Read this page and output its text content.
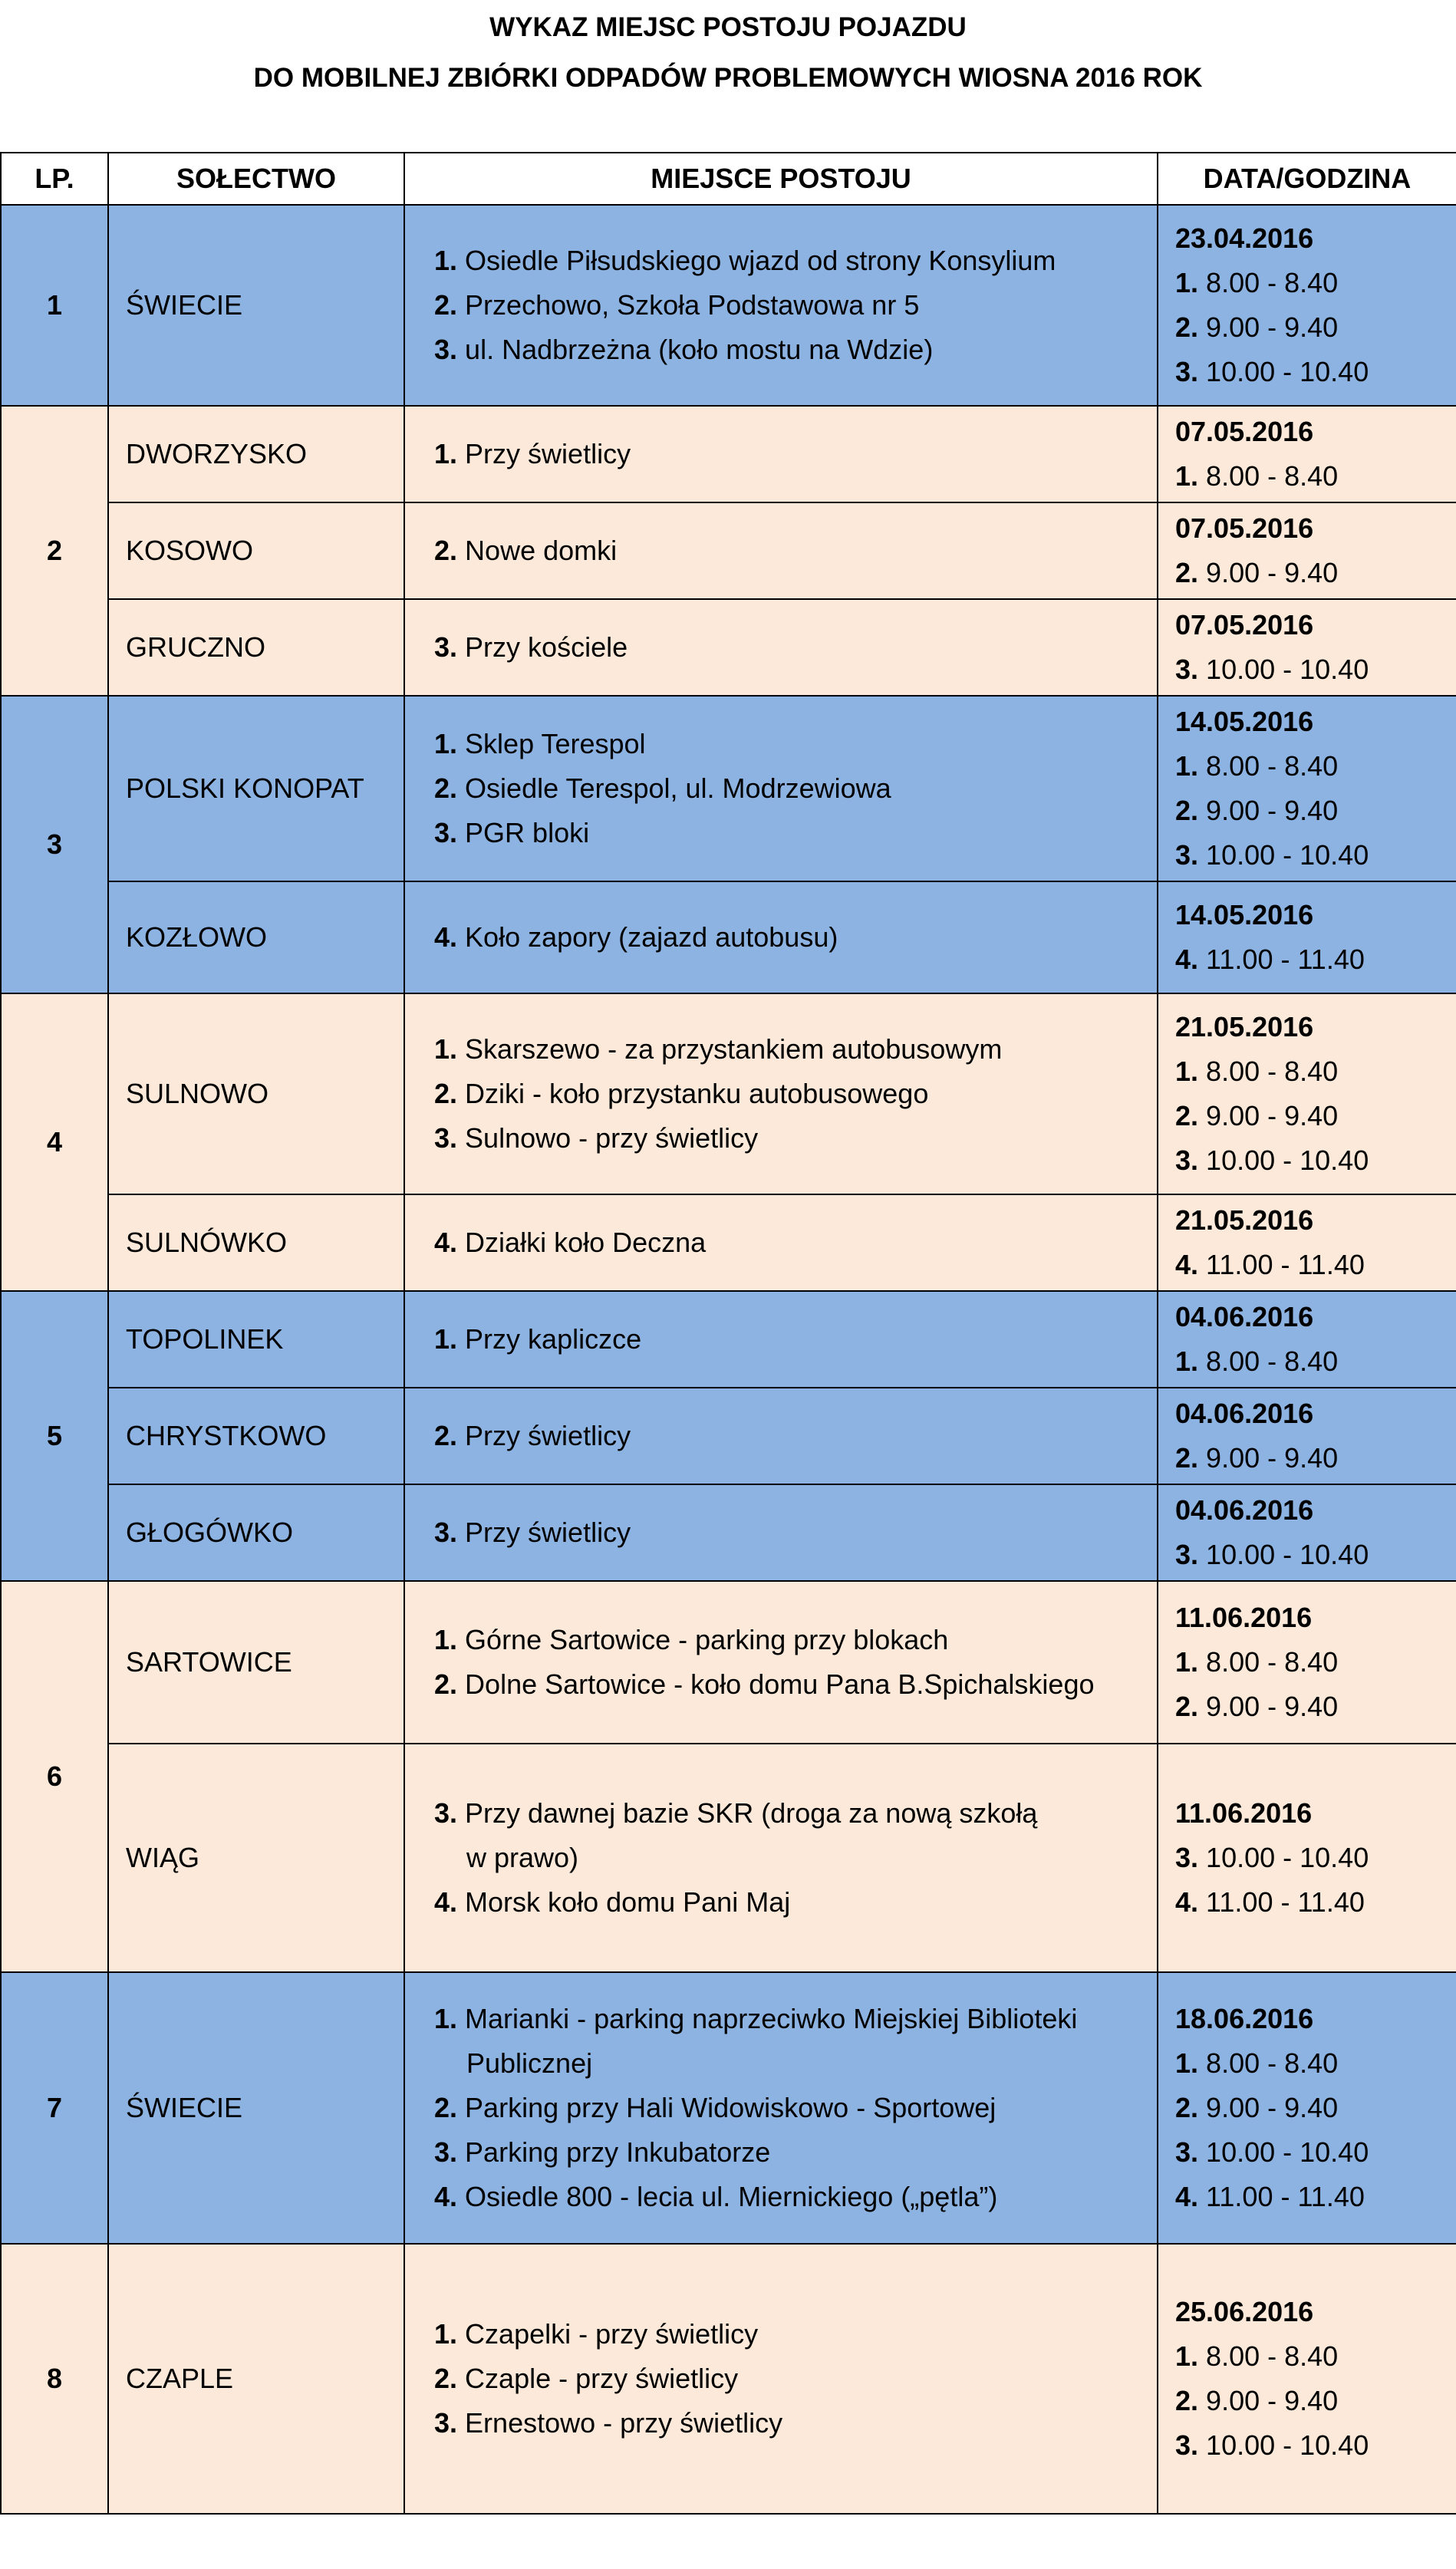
WYKAZ MIEJSC POSTOJU POJAZDU
DO MOBILNEJ ZBIÓRKI ODPADÓW PROBLEMOWYCH WIOSNA 2016 ROK
LP.	SOŁECTWO	MIEJSCE POSTOJU	DATA/GODZINA
1	ŚWIECIE	1. Osiedle Piłsudskiego wjazd od strony Konsylium
2. Przechowo, Szkoła Podstawowa nr 5
3. ul. Nadbrzeżna (koło mostu na Wdzie)	23.04.2016
1. 8.00 - 8.40
2. 9.00 - 9.40
3. 10.00 - 10.40

2	DWORZYSKO	1. Przy świetlicy	07.05.2016
1. 8.00 - 8.40

	KOSOWO	2. Nowe domki	07.05.2016
2. 9.00 - 9.40

	GRUCZNO	3. Przy kościele	07.05.2016
3. 10.00 - 10.40

3	POLSKI KONOPAT	1. Sklep Terespol
2. Osiedle Terespol, ul. Modrzewiowa
3. PGR bloki	14.05.2016
1. 8.00 - 8.40
2. 9.00 - 9.40
3. 10.00 - 10.40

	KOZŁOWO	4. Koło zapory (zajazd autobusu)	14.05.2016
4. 11.00 - 11.40

4	SULNOWO	1. Skarszewo - za przystankiem autobusowym
2. Dziki - koło przystanku autobusowego
3. Sulnowo - przy świetlicy	21.05.2016
1. 8.00 - 8.40
2. 9.00 - 9.40
3. 10.00 - 10.40

	SULNÓWKO	4. Działki koło Deczna	21.05.2016
4. 11.00 - 11.40

5	TOPOLINEK	1. Przy kapliczce	04.06.2016
1. 8.00 - 8.40

	CHRYSTKOWO	2. Przy świetlicy	04.06.2016
2. 9.00 - 9.40

	GŁOGÓWKO	3. Przy świetlicy	04.06.2016
3. 10.00 - 10.40

6	SARTOWICE	1. Górne Sartowice - parking przy blokach
2. Dolne Sartowice - koło domu Pana B.Spichalskiego	11.06.2016
1. 8.00 - 8.40
2. 9.00 - 9.40

	WIĄG	3. Przy dawnej bazie SKR (droga za nową szkołą
w prawo)
4. Morsk koło domu Pani Maj	11.06.2016
3. 10.00 - 10.40
4. 11.00 - 11.40

7	ŚWIECIE	1. Marianki - parking naprzeciwko Miejskiej Biblioteki
Publicznej
2. Parking przy Hali Widowiskowo - Sportowej
3. Parking przy Inkubatorze
4. Osiedle 800 - lecia ul. Miernickiego („pętla”)	18.06.2016
1. 8.00 - 8.40
2. 9.00 - 9.40
3. 10.00 - 10.40
4. 11.00 - 11.40

8	CZAPLE	1. Czapelki - przy świetlicy
2. Czaple - przy świetlicy
3. Ernestowo - przy świetlicy	25.06.2016
1. 8.00 - 8.40
2. 9.00 - 9.40
3. 10.00 - 10.40
